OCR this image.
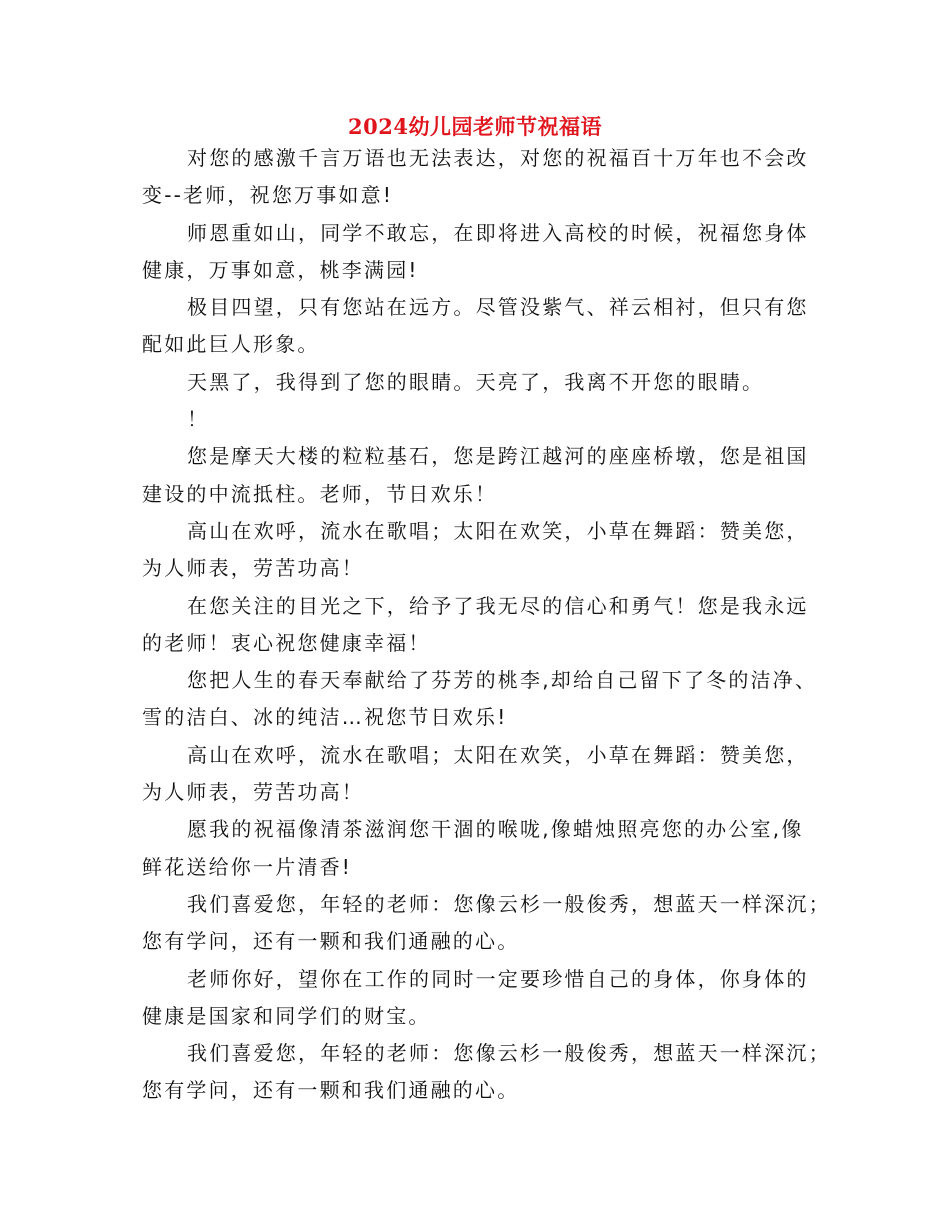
2024幼儿园老师节祝福语

对您的感激千言万语也无法表达，对您的祝福百十万年也不会改
变--老师，祝您万事如意!

师恩重如山，同学不敢忘，在即将进入高校的时候，祝福您身体
健康，万事如意，桃李满园!

极目四望，只有您站在远方。尽管没紫气、祥云相衬，但只有您
配如此巨人形象。

天黑了，我得到了您的眼睛。天亮了，我离不开您的眼睛。

！

您是摩天大楼的粒粒基石，您是跨江越河的座座桥墩，您是祖国
建设的中流抵柱。老师，节日欢乐！

高山在欢呼，流水在歌唱；太阳在欢笑，小草在舞蹈：赞美您，
为人师表，劳苦功高！

在您关注的目光之下，给予了我无尽的信心和勇气！您是我永远
的老师！衷心祝您健康幸福！

您把人生的春天奉献给了芬芳的桃李,却给自己留下了冬的洁净、
雪的洁白、冰的纯洁…祝您节日欢乐!

高山在欢呼，流水在歌唱；太阳在欢笑，小草在舞蹈：赞美您，
为人师表，劳苦功高！

愿我的祝福像清茶滋润您干涸的喉咙,像蜡烛照亮您的办公室,像
鲜花送给你一片清香!

我们喜爱您，年轻的老师：您像云杉一般俊秀，想蓝天一样深沉；
您有学问，还有一颗和我们通融的心。

老师你好，望你在工作的同时一定要珍惜自己的身体，你身体的
健康是国家和同学们的财宝。

我们喜爱您，年轻的老师：您像云杉一般俊秀，想蓝天一样深沉；
您有学问，还有一颗和我们通融的心。
